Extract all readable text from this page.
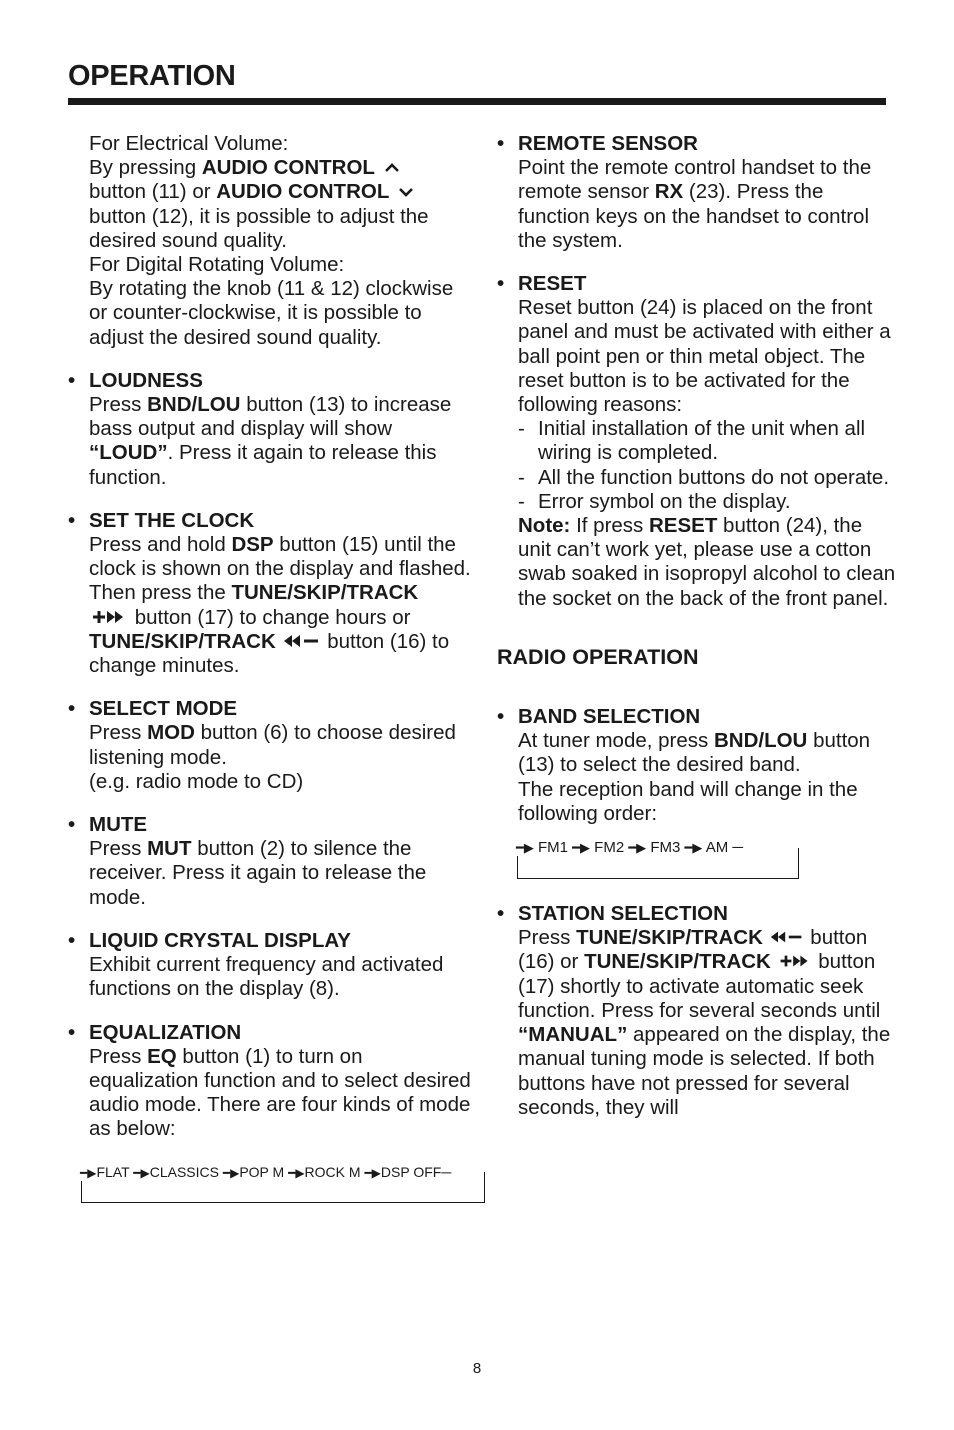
OPERATION
For Electrical Volume:
By pressing AUDIO CONTROL
button (11) or AUDIO CONTROL
button (12), it is possible to adjust the desired sound quality.
For Digital Rotating Volume:
By rotating the knob (11 & 12) clockwise or counter-clockwise, it is possible to adjust the desired sound quality.
• LOUDNESS
Press BND/LOU button (13) to increase bass output and display will show “LOUD”. Press it again to release this function.
• SET THE CLOCK
Press and hold DSP button (15) until the clock is shown on the display and flashed.
Then press the TUNE/SKIP/TRACK
button (17) to change hours or TUNE/SKIP/TRACK  button (16) to change minutes.
• SELECT MODE
Press MOD button (6) to choose desired listening mode.
(e.g. radio mode to CD)
• MUTE
Press MUT button (2) to silence the receiver. Press it again to release the mode.
• LIQUID CRYSTAL DISPLAY
Exhibit current frequency and activated functions on the display (8).
• EQUALIZATION
Press EQ button (1) to turn on equalization function and to select desired audio mode. There are four kinds of mode as below:
━▶FLAT ━▶CLASSICS ━▶POP M ━▶ROCK M ━▶DSP OFF─
• REMOTE SENSOR
Point the remote control handset to the remote sensor RX (23). Press the function keys on the handset to control the system.
• RESET
Reset button (24) is placed on the front panel and must be activated with either a ball point pen or thin metal object. The reset button is to be activated for the following reasons:
- Initial installation of the unit when all wiring is completed.
- All the function buttons do not operate.
- Error symbol on the display.
Note: If press RESET button (24), the unit can’t work yet, please use a cotton swab soaked in isopropyl alcohol to clean the socket on the back of the front panel.
RADIO OPERATION
• BAND SELECTION
At tuner mode, press BND/LOU button (13) to select the desired band.
The reception band will change in the following order:
━▶ FM1 ━▶ FM2 ━▶ FM3 ━▶ AM ─
• STATION SELECTION
Press TUNE/SKIP/TRACK  button (16) or TUNE/SKIP/TRACK  button (17) shortly to activate automatic seek function. Press for several seconds until “MANUAL” appeared on the display, the manual tuning mode is selected. If both buttons have not pressed for several seconds, they will
8
